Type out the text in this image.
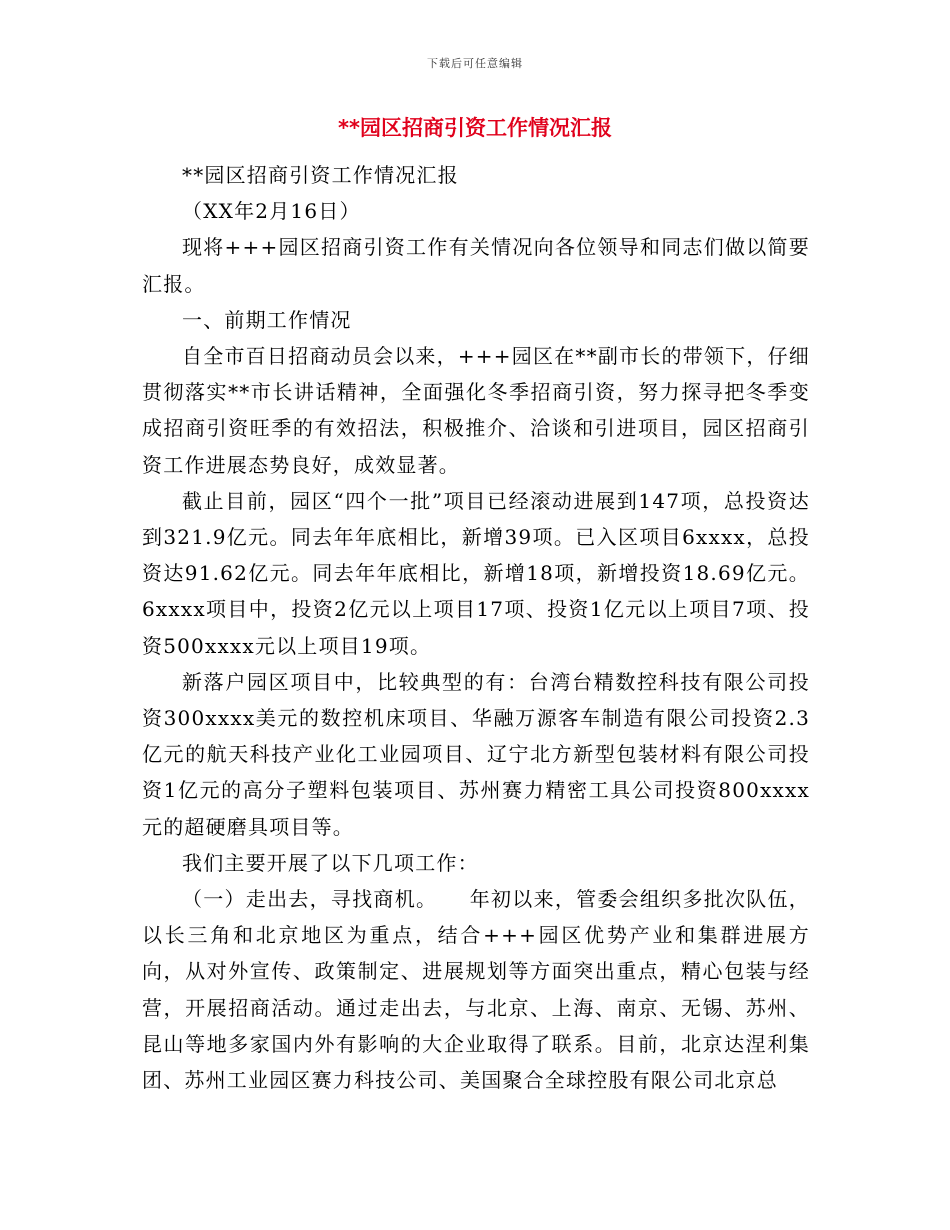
下载后可任意编辑
**园区招商引资工作情况汇报

**园区招商引资工作情况汇报

（XX年2月16日）

现将+++园区招商引资工作有关情况向各位领导和同志们做以简要汇报。

一、前期工作情况

自全市百日招商动员会以来，+++园区在**副市长的带领下，仔细贯彻落实**市长讲话精神，全面强化冬季招商引资，努力探寻把冬季变成招商引资旺季的有效招法，积极推介、洽谈和引进项目，园区招商引资工作进展态势良好，成效显著。

截止目前，园区“四个一批”项目已经滚动进展到147项，总投资达到321.9亿元。同去年年底相比，新增39项。已入区项目6xxxx，总投资达91.62亿元。同去年年底相比，新增18项，新增投资18.69亿元。6xxxx项目中，投资2亿元以上项目17项、投资1亿元以上项目7项、投资500xxxx元以上项目19项。

新落户园区项目中，比较典型的有：台湾台精数控科技有限公司投资300xxxx美元的数控机床项目、华融万源客车制造有限公司投资2.3亿元的航天科技产业化工业园项目、辽宁北方新型包装材料有限公司投资1亿元的高分子塑料包装项目、苏州赛力精密工具公司投资800xxxx元的超硬磨具项目等。

我们主要开展了以下几项工作：

（一）走出去，寻找商机。　　年初以来，管委会组织多批次队伍，以长三角和北京地区为重点，结合+++园区优势产业和集群进展方向，从对外宣传、政策制定、进展规划等方面突出重点，精心包装与经营，开展招商活动。通过走出去，与北京、上海、南京、无锡、苏州、昆山等地多家国内外有影响的大企业取得了联系。目前，北京达涅利集团、苏州工业园区赛力科技公司、美国聚合全球控股有限公司北京总
